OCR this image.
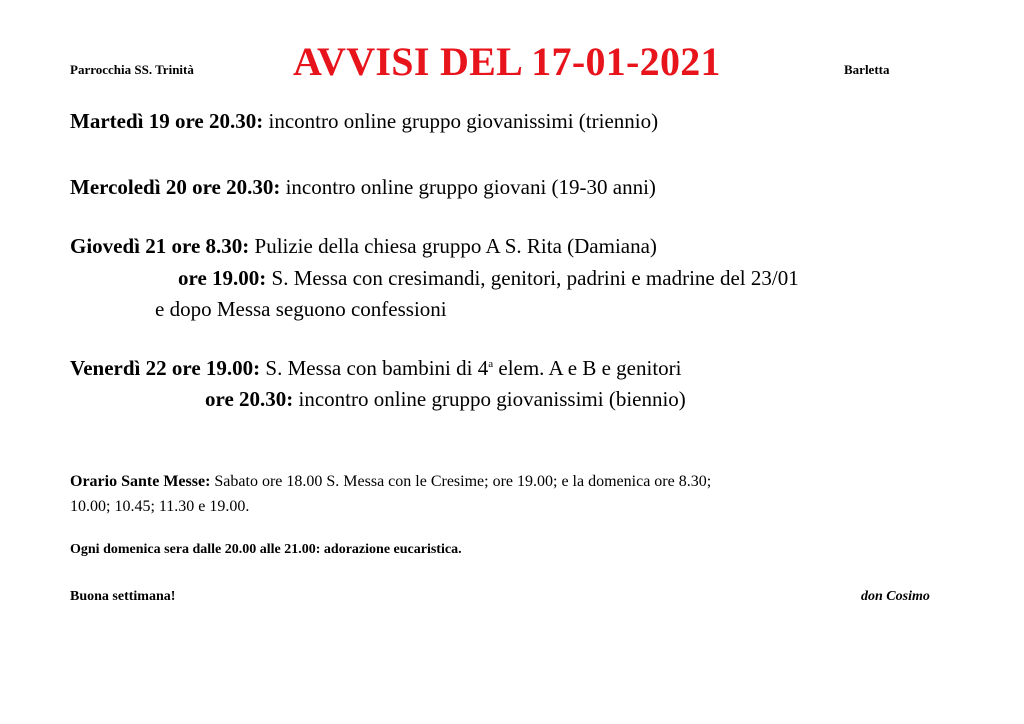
Parrocchia SS. Trinità AVVISI DEL 17-01-2021	Barletta
Martedì 19 ore 20.30: incontro online gruppo giovanissimi (triennio)
Mercoledì 20 ore 20.30: incontro online gruppo giovani (19-30 anni)
Giovedì 21 ore 8.30: Pulizie della chiesa gruppo A S. Rita (Damiana)
ore 19.00: S. Messa con cresimandi, genitori, padrini e madrine del 23/01
e dopo Messa seguono confessioni
Venerdì 22 ore 19.00: S. Messa con bambini di 4$^a$ elem. A e B e genitori
ore 20.30: incontro online gruppo giovanissimi (biennio)
Orario Sante Messe: Sabato ore 18.00 S. Messa con le Cresime; ore 19.00; e la domenica ore 8.30;
10.00; 10.45; 11.30 e 19.00.
Ogni domenica sera dalle 20.00 alle 21.00: adorazione eucaristica.
Buona settimana!	don Cosimo
